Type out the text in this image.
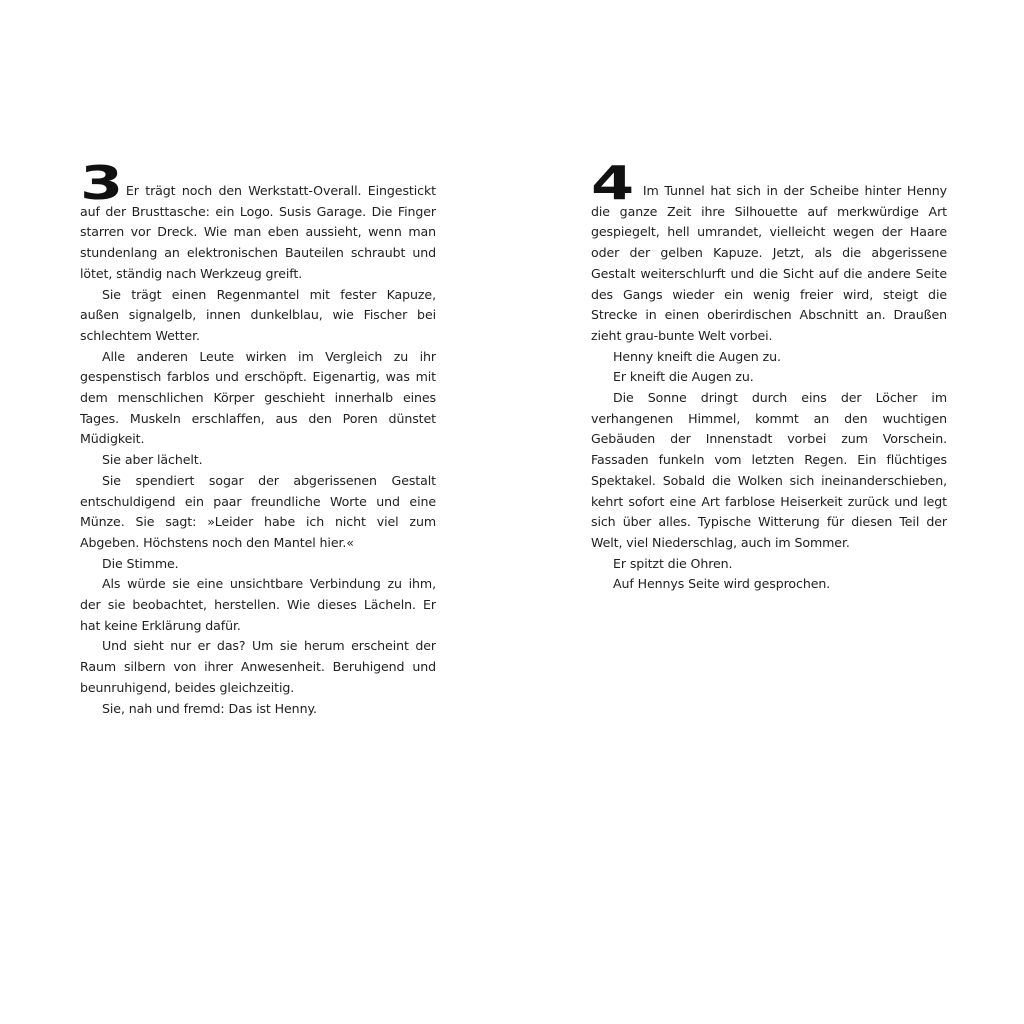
3 Er trägt noch den Werkstatt-Overall. Eingestickt auf der Brusttasche: ein Logo. Susis Garage. Die Finger starren vor Dreck. Wie man eben aussieht, wenn man stundenlang an elektronischen Bauteilen schraubt und lötet, ständig nach Werkzeug greift.

Sie trägt einen Regenmantel mit fester Kapuze, außen signalgelb, innen dunkelblau, wie Fischer bei schlechtem Wetter.

Alle anderen Leute wirken im Vergleich zu ihr gespenstisch farblos und erschöpft. Eigenartig, was mit dem menschlichen Körper geschieht innerhalb eines Tages. Muskeln erschlaffen, aus den Poren dünstet Müdigkeit.

Sie aber lächelt.

Sie spendiert sogar der abgerissenen Gestalt entschuldigend ein paar freundliche Worte und eine Münze. Sie sagt: »Leider habe ich nicht viel zum Abgeben. Höchstens noch den Mantel hier.«

Die Stimme.

Als würde sie eine unsichtbare Verbindung zu ihm, der sie beobachtet, herstellen. Wie dieses Lächeln. Er hat keine Erklärung dafür.

Und sieht nur er das? Um sie herum erscheint der Raum silbern von ihrer Anwesenheit. Beruhigend und beunruhigend, beides gleichzeitig.

Sie, nah und fremd: Das ist Henny.

4 Im Tunnel hat sich in der Scheibe hinter Henny die ganze Zeit ihre Silhouette auf merkwürdige Art gespiegelt, hell umrandet, vielleicht wegen der Haare oder der gelben Kapuze. Jetzt, als die abgerissene Gestalt weiterschlurft und die Sicht auf die andere Seite des Gangs wieder ein wenig freier wird, steigt die Strecke in einen oberirdischen Abschnitt an. Draußen zieht grau-bunte Welt vorbei.

Henny kneift die Augen zu.

Er kneift die Augen zu.

Die Sonne dringt durch eins der Löcher im verhangenen Himmel, kommt an den wuchtigen Gebäuden der Innenstadt vorbei zum Vorschein. Fassaden funkeln vom letzten Regen. Ein flüchtiges Spektakel. Sobald die Wolken sich ineinanderschieben, kehrt sofort eine Art farblose Heiserkeit zurück und legt sich über alles. Typische Witterung für diesen Teil der Welt, viel Niederschlag, auch im Sommer.

Er spitzt die Ohren.

Auf Hennys Seite wird gesprochen.
